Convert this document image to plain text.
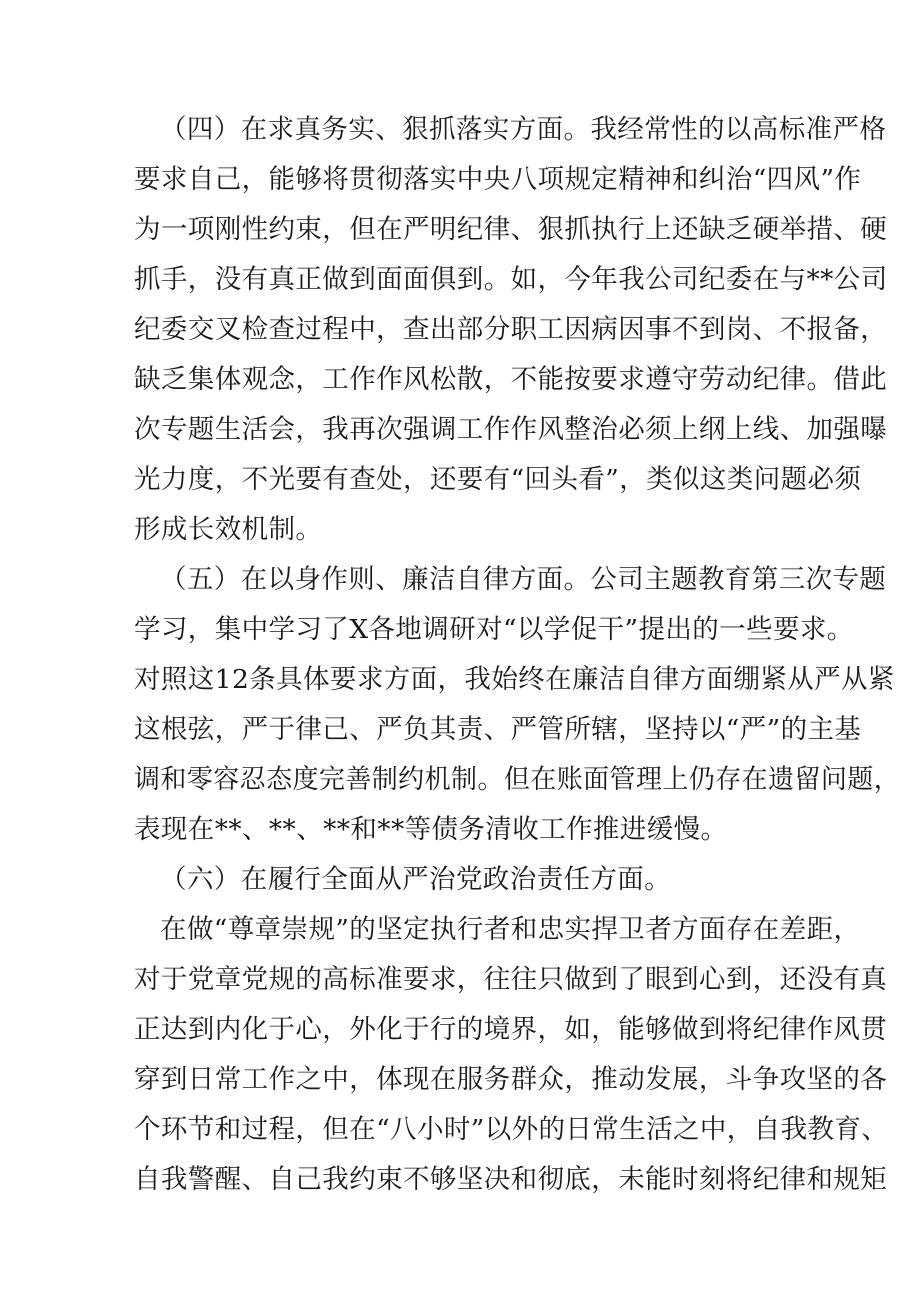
（四）在求真务实、狠抓落实方面。我经常性的以高标准严格

要求自己，能够将贯彻落实中央八项规定精神和纠治“四风”作

为一项刚性约束，但在严明纪律、狠抓执行上还缺乏硬举措、硬

抓手，没有真正做到面面俱到。如，今年我公司纪委在与**公司

纪委交叉检查过程中，查出部分职工因病因事不到岗、不报备，

缺乏集体观念，工作作风松散，不能按要求遵守劳动纪律。借此

次专题生活会，我再次强调工作作风整治必须上纲上线、加强曝

光力度，不光要有查处，还要有“回头看”，类似这类问题必须

形成长效机制。

（五）在以身作则、廉洁自律方面。公司主题教育第三次专题

学习，集中学习了X各地调研对“以学促干”提出的一些要求。

对照这12条具体要求方面，我始终在廉洁自律方面绷紧从严从紧

这根弦，严于律己、严负其责、严管所辖，坚持以“严”的主基

调和零容忍态度完善制约机制。但在账面管理上仍存在遗留问题，

表现在**、**、**和**等债务清收工作推进缓慢。

（六）在履行全面从严治党政治责任方面。

在做“尊章崇规”的坚定执行者和忠实捍卫者方面存在差距，

对于党章党规的高标准要求，往往只做到了眼到心到，还没有真

正达到内化于心，外化于行的境界，如，能够做到将纪律作风贯

穿到日常工作之中，体现在服务群众，推动发展，斗争攻坚的各

个环节和过程，但在“八小时”以外的日常生活之中，自我教育、

自我警醒、自己我约束不够坚决和彻底，未能时刻将纪律和规矩
